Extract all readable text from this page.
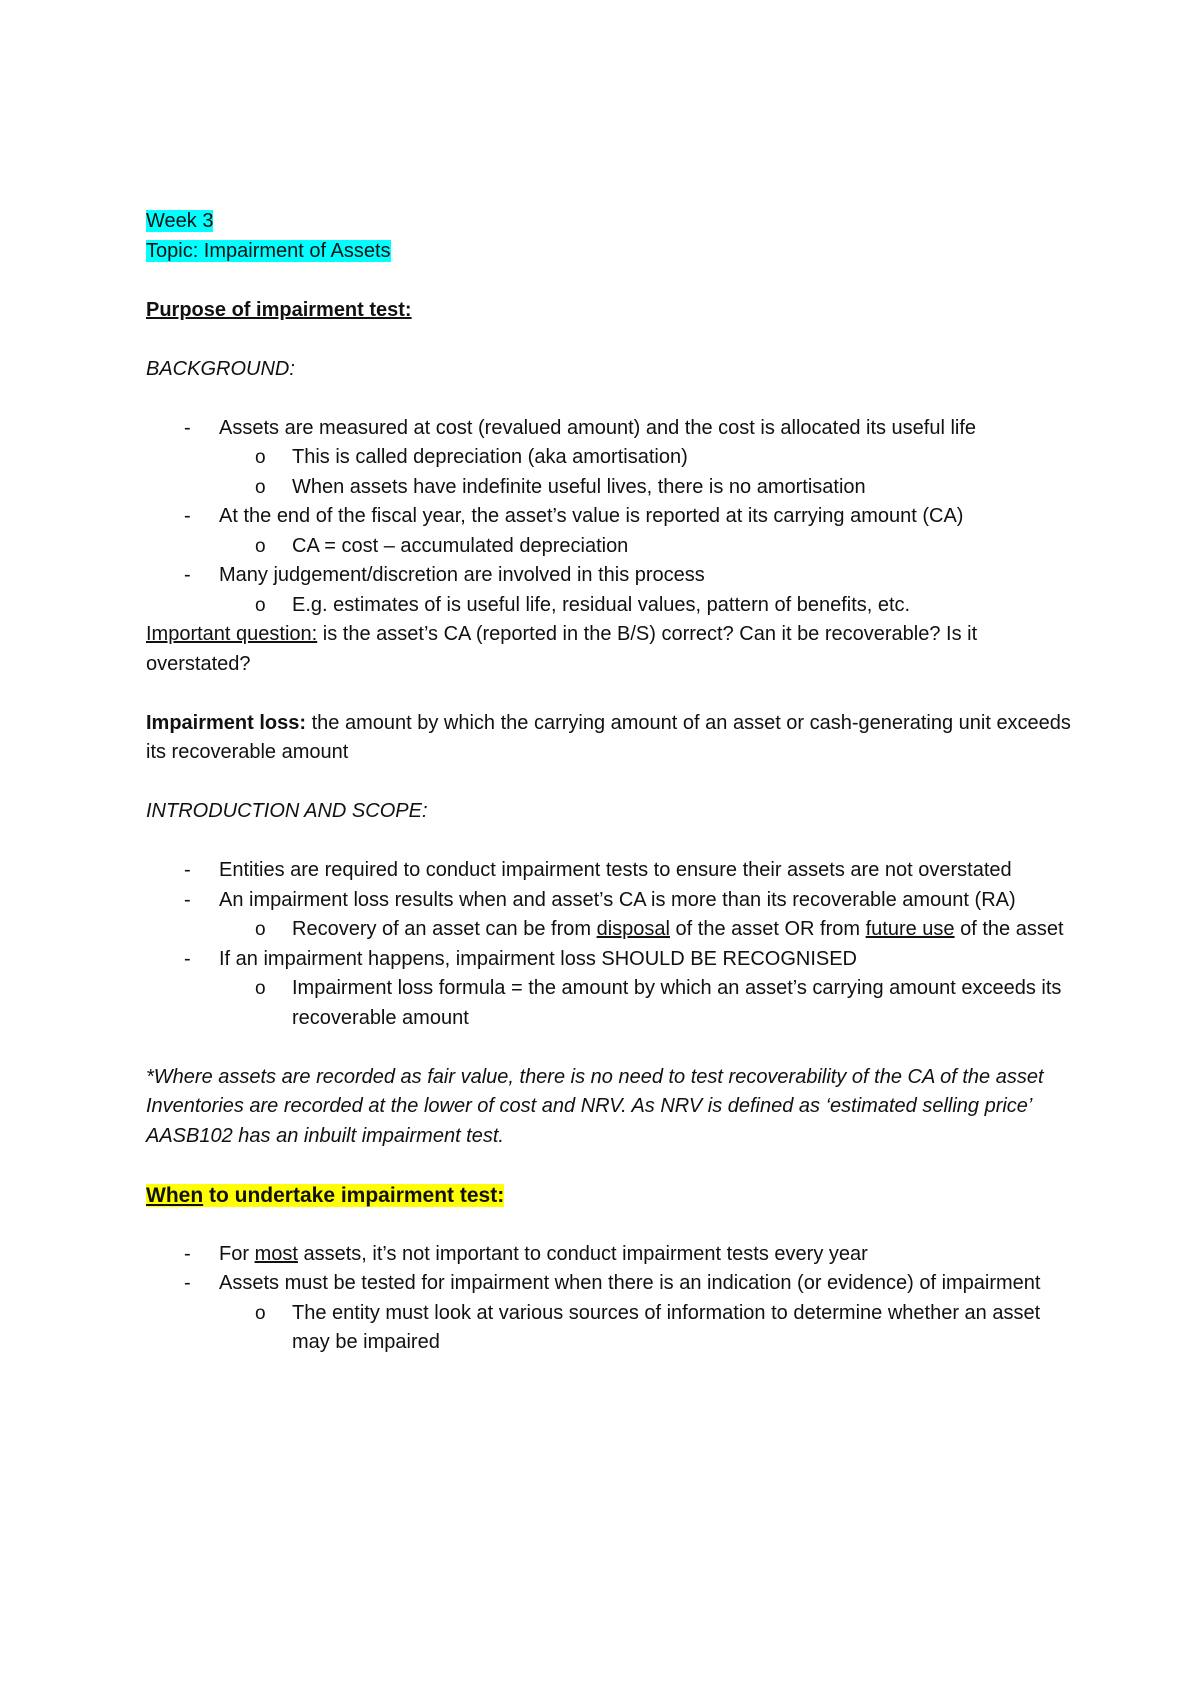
Week 3
Topic: Impairment of Assets
Purpose of impairment test:
BACKGROUND:
- Assets are measured at cost (revalued amount) and the cost is allocated its useful life
o This is called depreciation (aka amortisation)
o When assets have indefinite useful lives, there is no amortisation
- At the end of the fiscal year, the asset’s value is reported at its carrying amount (CA)
o CA = cost – accumulated depreciation
- Many judgement/discretion are involved in this process
o E.g. estimates of is useful life, residual values, pattern of benefits, etc.
Important question: is the asset’s CA (reported in the B/S) correct? Can it be recoverable? Is it overstated?
Impairment loss: the amount by which the carrying amount of an asset or cash-generating unit exceeds its recoverable amount
INTRODUCTION AND SCOPE:
- Entities are required to conduct impairment tests to ensure their assets are not overstated
- An impairment loss results when and asset’s CA is more than its recoverable amount (RA)
o Recovery of an asset can be from disposal of the asset OR from future use of the asset
- If an impairment happens, impairment loss SHOULD BE RECOGNISED
o Impairment loss formula = the amount by which an asset’s carrying amount exceeds its recoverable amount
*Where assets are recorded as fair value, there is no need to test recoverability of the CA of the asset
Inventories are recorded at the lower of cost and NRV. As NRV is defined as ‘estimated selling price’ AASB102 has an inbuilt impairment test.
When to undertake impairment test:
- For most assets, it’s not important to conduct impairment tests every year
- Assets must be tested for impairment when there is an indication (or evidence) of impairment
o The entity must look at various sources of information to determine whether an asset may be impaired
